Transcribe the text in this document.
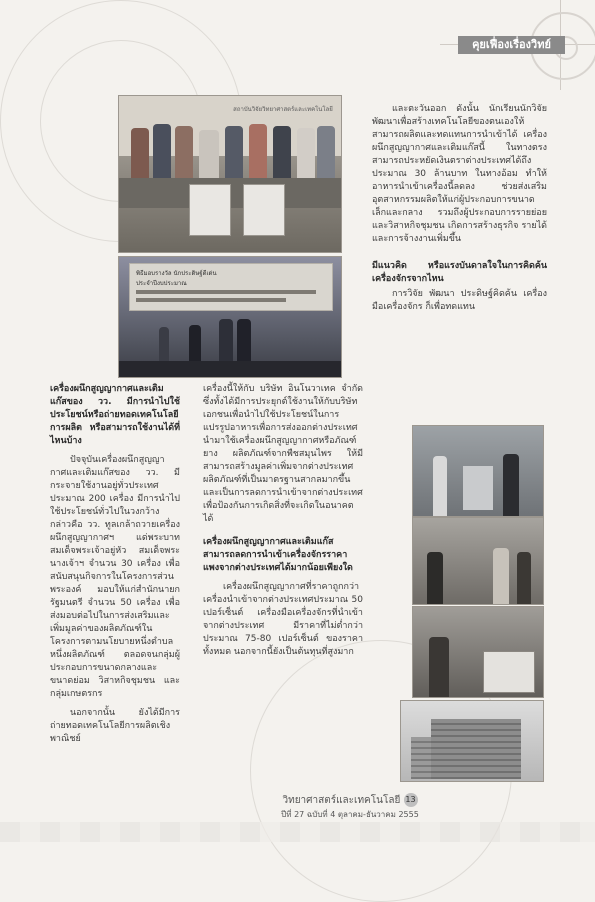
คุยเฟื่องเรื่องวิทย์
สถาบันวิจัยวิทยาศาสตร์และเทคโนโลยี
พิธีมอบรางวัล นักประดิษฐ์ดีเด่น
ประจำปีงบประมาณ

และตะวันออก ดังนั้น นักเรียนนักวิจัยพัฒนาเพื่อสร้างเทคโนโลยีของตนเองให้สามารถผลิตและทดแทนการนำเข้าได้ เครื่องผนึกสูญญากาศและเติมแก๊สนี้ ในทางตรงสามารถประหยัดเงินตราต่างประเทศได้ถึงประมาณ 30 ล้านบาท ในทางอ้อม ทำให้อาหารนำเข้าเครื่องนี้ลดลง ช่วยส่งเสริมอุตสาหกรรมผลิตให้แก่ผู้ประกอบการขนาดเล็กและกลาง รวมถึงผู้ประกอบการรายย่อยและวิสาหกิจชุมชน เกิดการสร้างธุรกิจ รายได้ และการจ้างงานเพิ่มขึ้น

มีแนวคิด หรือแรงบันดาลใจในการคิดค้นเครื่องจักรจากไหน

การวิจัย พัฒนา ประดิษฐ์คิดค้น เครื่องมือเครื่องจักร ก็เพื่อทดแทน

เครื่องผนึกสูญญากาศและเติมแก๊สของ วว. มีการนำไปใช้ประโยชน์หรือถ่ายทอดเทคโนโลยีการผลิต หรือสามารถใช้งานได้ที่ไหนบ้าง

ปัจจุบันเครื่องผนึกสูญญากาศและเติมแก๊สของ วว. มีกระจายใช้งานอยู่ทั่วประเทศ ประมาณ 200 เครื่อง มีการนำไปใช้ประโยชน์ทั่วไปในวงกว้าง กล่าวคือ วว. ทูลเกล้าถวายเครื่องผนึกสูญญากาศฯ แด่พระบาทสมเด็จพระเจ้าอยู่หัว สมเด็จพระนางเจ้าฯ จำนวน 30 เครื่อง เพื่อสนับสนุนกิจการในโครงการส่วนพระองค์ มอบให้แก่สำนักนายกรัฐมนตรี จำนวน 50 เครื่อง เพื่อส่งมอบต่อไปในการส่งเสริมและเพิ่มมูลค่าของผลิตภัณฑ์ในโครงการตามนโยบายหนึ่งตำบลหนึ่งผลิตภัณฑ์ ตลอดจนกลุ่มผู้ประกอบการขนาดกลางและขนาดย่อม วิสาหกิจชุมชน และกลุ่มเกษตรกร

นอกจากนั้น ยังได้มีการถ่ายทอดเทคโนโลยีการผลิตเชิงพาณิชย์

เครื่องนี้ให้กับ บริษัท อินโนวาเทค จำกัด ซึ่งทั้งได้มีการประยุกต์ใช้งานให้กับบริษัทเอกชนเพื่อนำไปใช้ประโยชน์ในการแปรรูปอาหารเพื่อการส่งออกต่างประเทศ นำมาใช้เครื่องผนึกสูญญากาศหรือภัณฑ์ยาง ผลิตภัณฑ์จากพืชสมุนไพร ให้มีสามารถสร้างมูลค่าเพิ่มจากต่างประเทศ ผลิตภัณฑ์ที่เป็นมาตรฐานสากลมากขึ้น และเป็นการลดการนำเข้าจากต่างประเทศ เพื่อป้องกันการเกิดสิ่งที่จะเกิดในอนาคตได้

เครื่องผนึกสูญญากาศและเติมแก๊สสามารถลดการนำเข้าเครื่องจักรราคาแพงจากต่างประเทศได้มากน้อยเพียงใด

เครื่องผนึกสูญญากาศที่ราคาถูกกว่าเครื่องนำเข้าจากต่างประเทศประมาณ 50 เปอร์เซ็นต์ เครื่องมือเครื่องจักรที่นำเข้าจากต่างประเทศ มีราคาที่ไม่ต่ำกว่าประมาณ 75-80 เปอร์เซ็นต์ ของราคาทั้งหมด นอกจากนี้ยังเป็นต้นทุนที่สูงมาก

วิทยาศาสตร์และเทคโนโลยี 13
ปีที่ 27 ฉบับที่ 4 ตุลาคม-ธันวาคม 2555
